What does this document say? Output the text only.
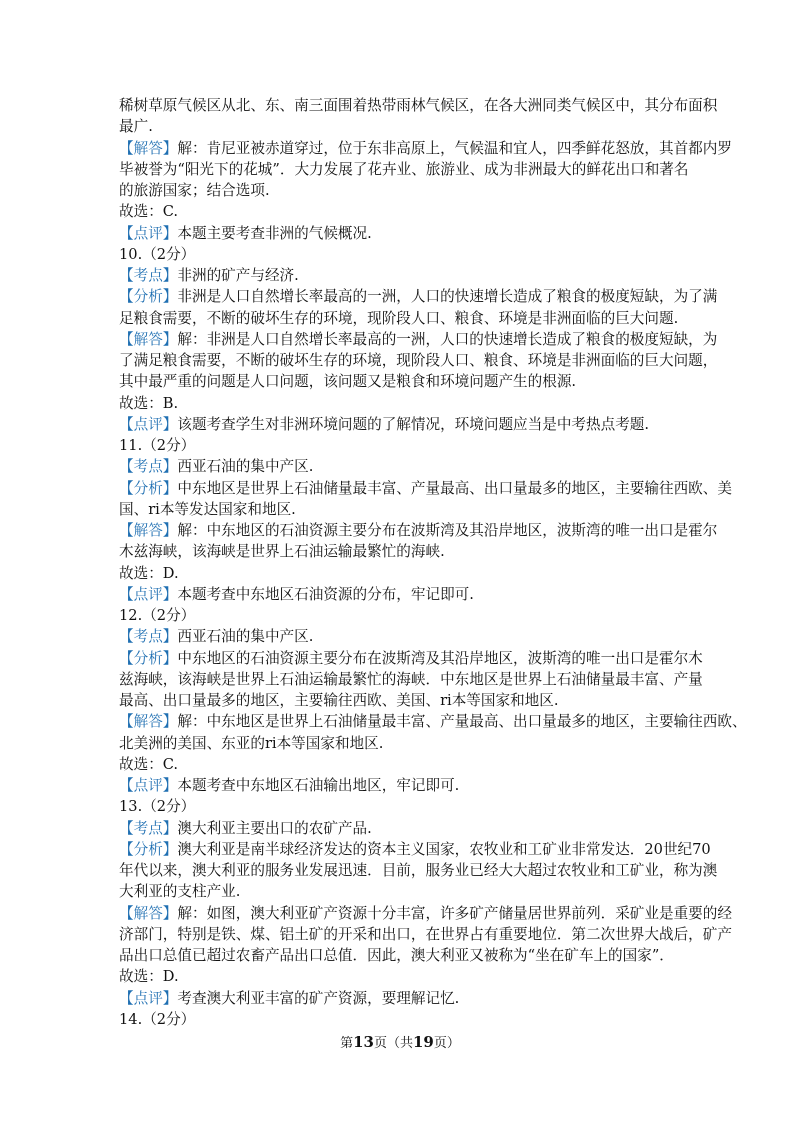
稀树草原气候区从北、东、南三面围着热带雨林气候区，在各大洲同类气候区中，其分布面积
最广.
【解答】解：肯尼亚被赤道穿过，位于东非高原上，气候温和宜人，四季鲜花怒放，其首都内罗
毕被誉为“阳光下的花城”．大力发展了花卉业、旅游业、成为非洲最大的鲜花出口和著名
的旅游国家；结合选项.
故选：C.
【点评】本题主要考查非洲的气候概况.
10.（2分）
【考点】非洲的矿产与经济.
【分析】非洲是人口自然增长率最高的一洲，人口的快速增长造成了粮食的极度短缺，为了满
足粮食需要，不断的破坏生存的环境，现阶段人口、粮食、环境是非洲面临的巨大问题.
【解答】解：非洲是人口自然增长率最高的一洲，人口的快速增长造成了粮食的极度短缺，为
了满足粮食需要，不断的破坏生存的环境，现阶段人口、粮食、环境是非洲面临的巨大问题，
其中最严重的问题是人口问题，该问题又是粮食和环境问题产生的根源.
故选：B.
【点评】该题考查学生对非洲环境问题的了解情况，环境问题应当是中考热点考题.
11.（2分）
【考点】西亚石油的集中产区.
【分析】中东地区是世界上石油储量最丰富、产量最高、出口量最多的地区，主要输往西欧、美
国、ri本等发达国家和地区.
【解答】解：中东地区的石油资源主要分布在波斯湾及其沿岸地区，波斯湾的唯一出口是霍尔
木兹海峡，该海峡是世界上石油运输最繁忙的海峡.
故选：D.
【点评】本题考查中东地区石油资源的分布，牢记即可.
12.（2分）
【考点】西亚石油的集中产区.
【分析】中东地区的石油资源主要分布在波斯湾及其沿岸地区，波斯湾的唯一出口是霍尔木
兹海峡，该海峡是世界上石油运输最繁忙的海峡．中东地区是世界上石油储量最丰富、产量
最高、出口量最多的地区，主要输往西欧、美国、ri本等国家和地区.
【解答】解：中东地区是世界上石油储量最丰富、产量最高、出口量最多的地区，主要输往西欧、
北美洲的美国、东亚的ri本等国家和地区.
故选：C.
【点评】本题考查中东地区石油输出地区，牢记即可.
13.（2分）
【考点】澳大利亚主要出口的农矿产品.
【分析】澳大利亚是南半球经济发达的资本主义国家，农牧业和工矿业非常发达．20世纪70
年代以来，澳大利亚的服务业发展迅速．目前，服务业已经大大超过农牧业和工矿业，称为澳
大利亚的支柱产业.
【解答】解：如图，澳大利亚矿产资源十分丰富，许多矿产储量居世界前列．采矿业是重要的经
济部门，特别是铁、煤、铝土矿的开采和出口，在世界占有重要地位．第二次世界大战后，矿产
品出口总值已超过农畜产品出口总值．因此，澳大利亚又被称为“坐在矿车上的国家”．
故选：D.
【点评】考查澳大利亚丰富的矿产资源，要理解记忆.
14.（2分）
第13页（共19页）
